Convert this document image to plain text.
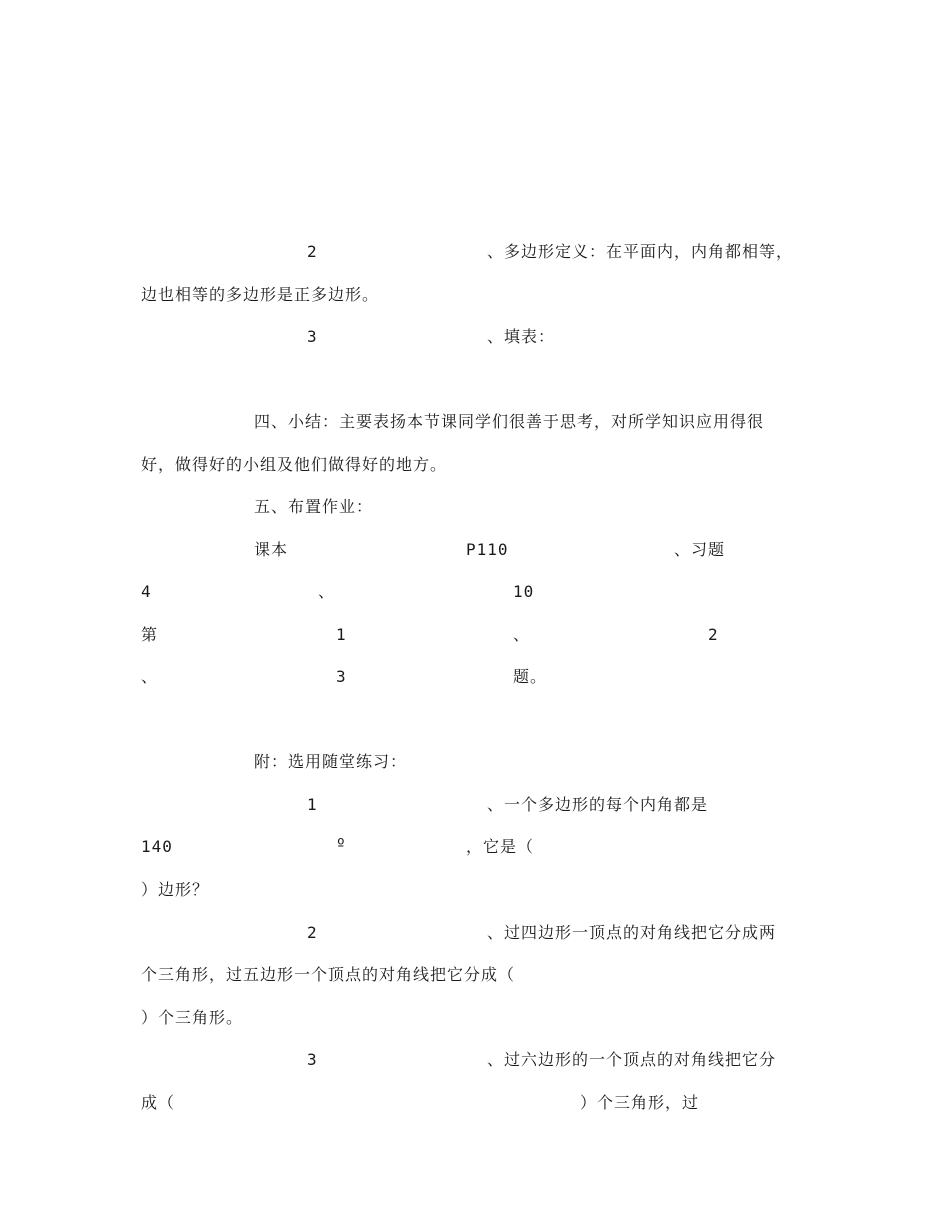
2	、多边形定义：在平面内，内角都相等，
边也相等的多边形是正多边形。
3	、填表：
四、小结：主要表扬本节课同学们很善于思考，对所学知识应用得很
好，做得好的小组及他们做得好的地方。
五、布置作业：
课本	P110	、习题
4	、	10
第	1	、	2
、	3	题。
附：选用随堂练习：
1	、一个多边形的每个内角都是
140	º	，它是（
）边形？
2	、过四边形一顶点的对角线把它分成两
个三角形，过五边形一个顶点的对角线把它分成（
）个三角形。
3	、过六边形的一个顶点的对角线把它分
成（	）个三角形，过
